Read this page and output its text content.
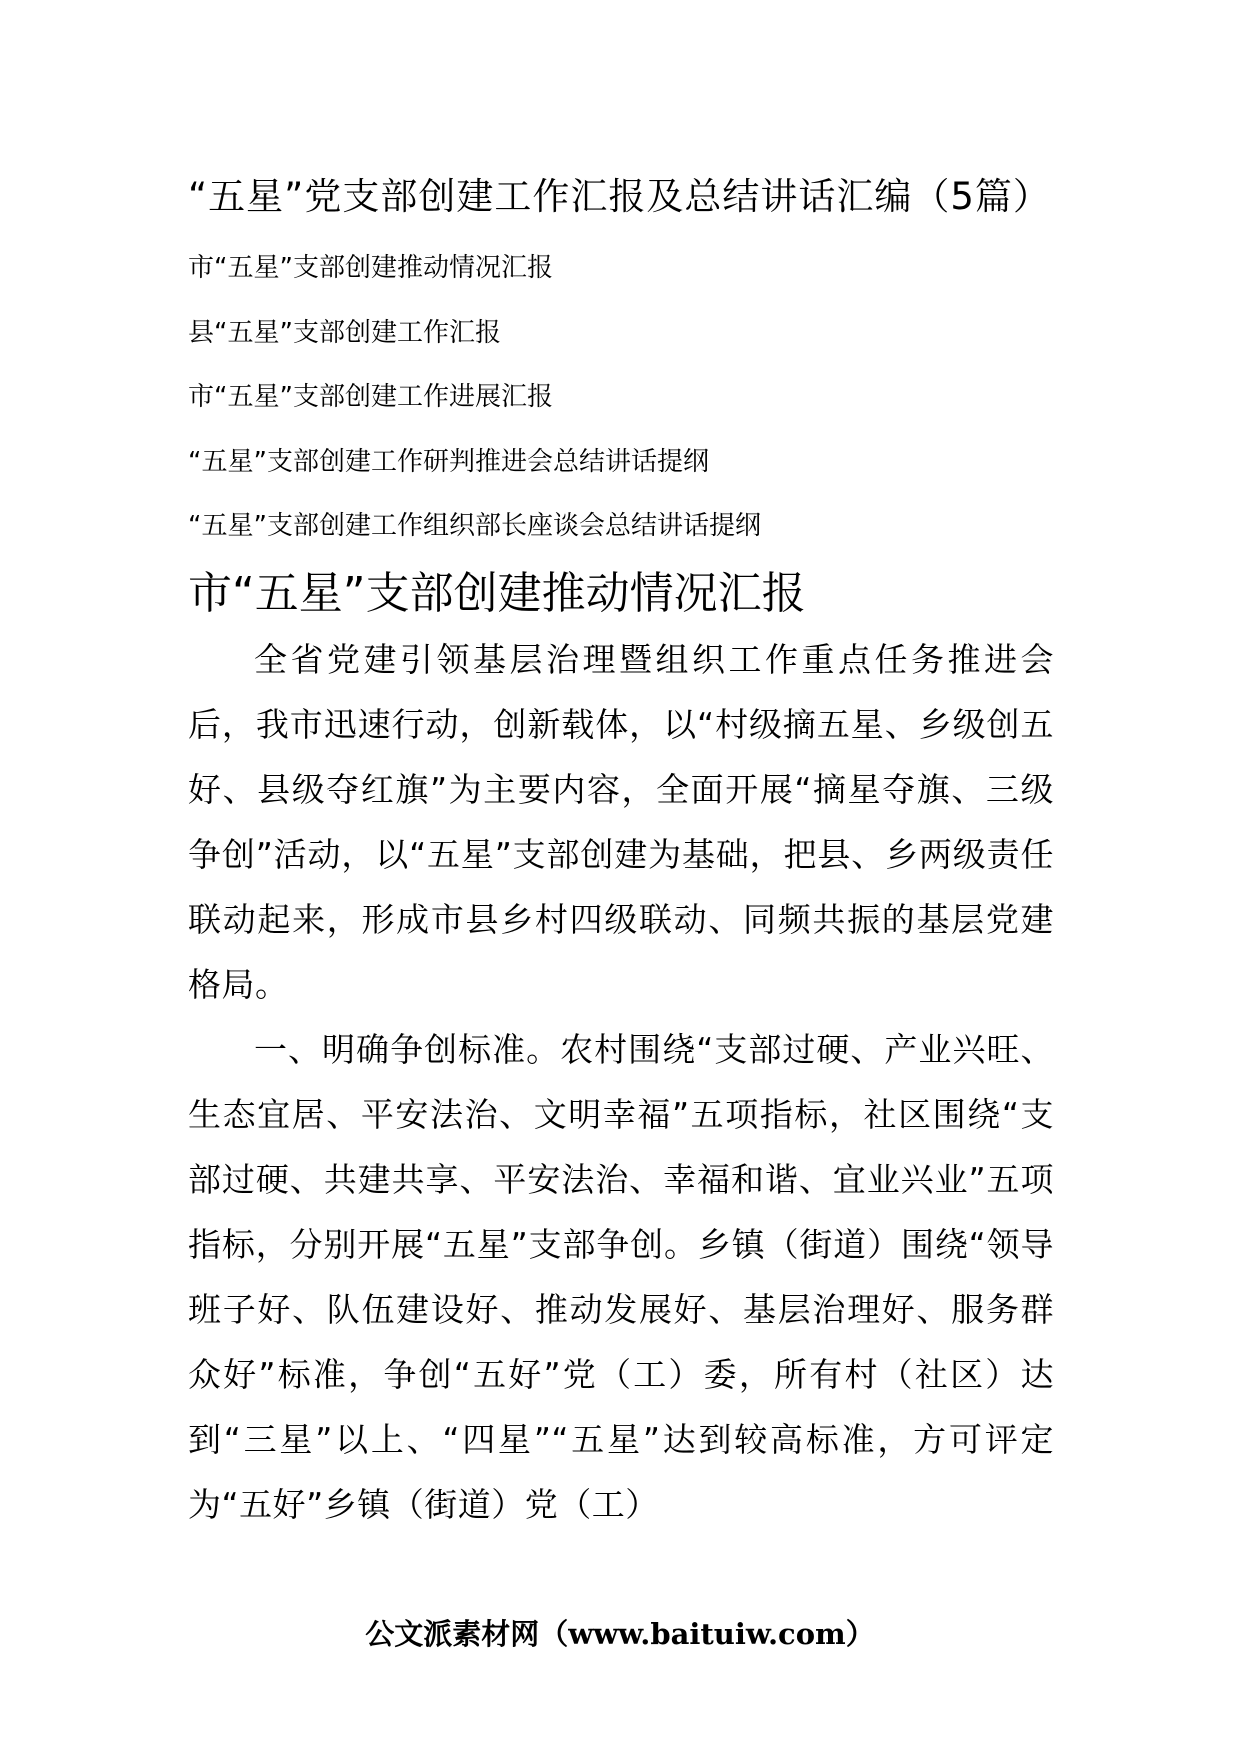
“五星”党支部创建工作汇报及总结讲话汇编（5篇）
市“五星”支部创建推动情况汇报
县“五星”支部创建工作汇报
市“五星”支部创建工作进展汇报
“五星”支部创建工作研判推进会总结讲话提纲
“五星”支部创建工作组织部长座谈会总结讲话提纲
市“五星”支部创建推动情况汇报

全省党建引领基层治理暨组织工作重点任务推进会后，我市迅速行动，创新载体，以“村级摘五星、乡级创五好、县级夺红旗”为主要内容，全面开展“摘星夺旗、三级争创”活动，以“五星”支部创建为基础，把县、乡两级责任联动起来，形成市县乡村四级联动、同频共振的基层党建格局。

一、明确争创标准。农村围绕“支部过硬、产业兴旺、生态宜居、平安法治、文明幸福”五项指标，社区围绕“支部过硬、共建共享、平安法治、幸福和谐、宜业兴业”五项指标，分别开展“五星”支部争创。乡镇（街道）围绕“领导班子好、队伍建设好、推动发展好、基层治理好、服务群众好”标准，争创“五好”党（工）委，所有村（社区）达到“三星”以上、“四星”“五星”达到较高标准，方可评定为“五好”乡镇（街道）党（工）

公文派素材网（www.baituiw.com）
